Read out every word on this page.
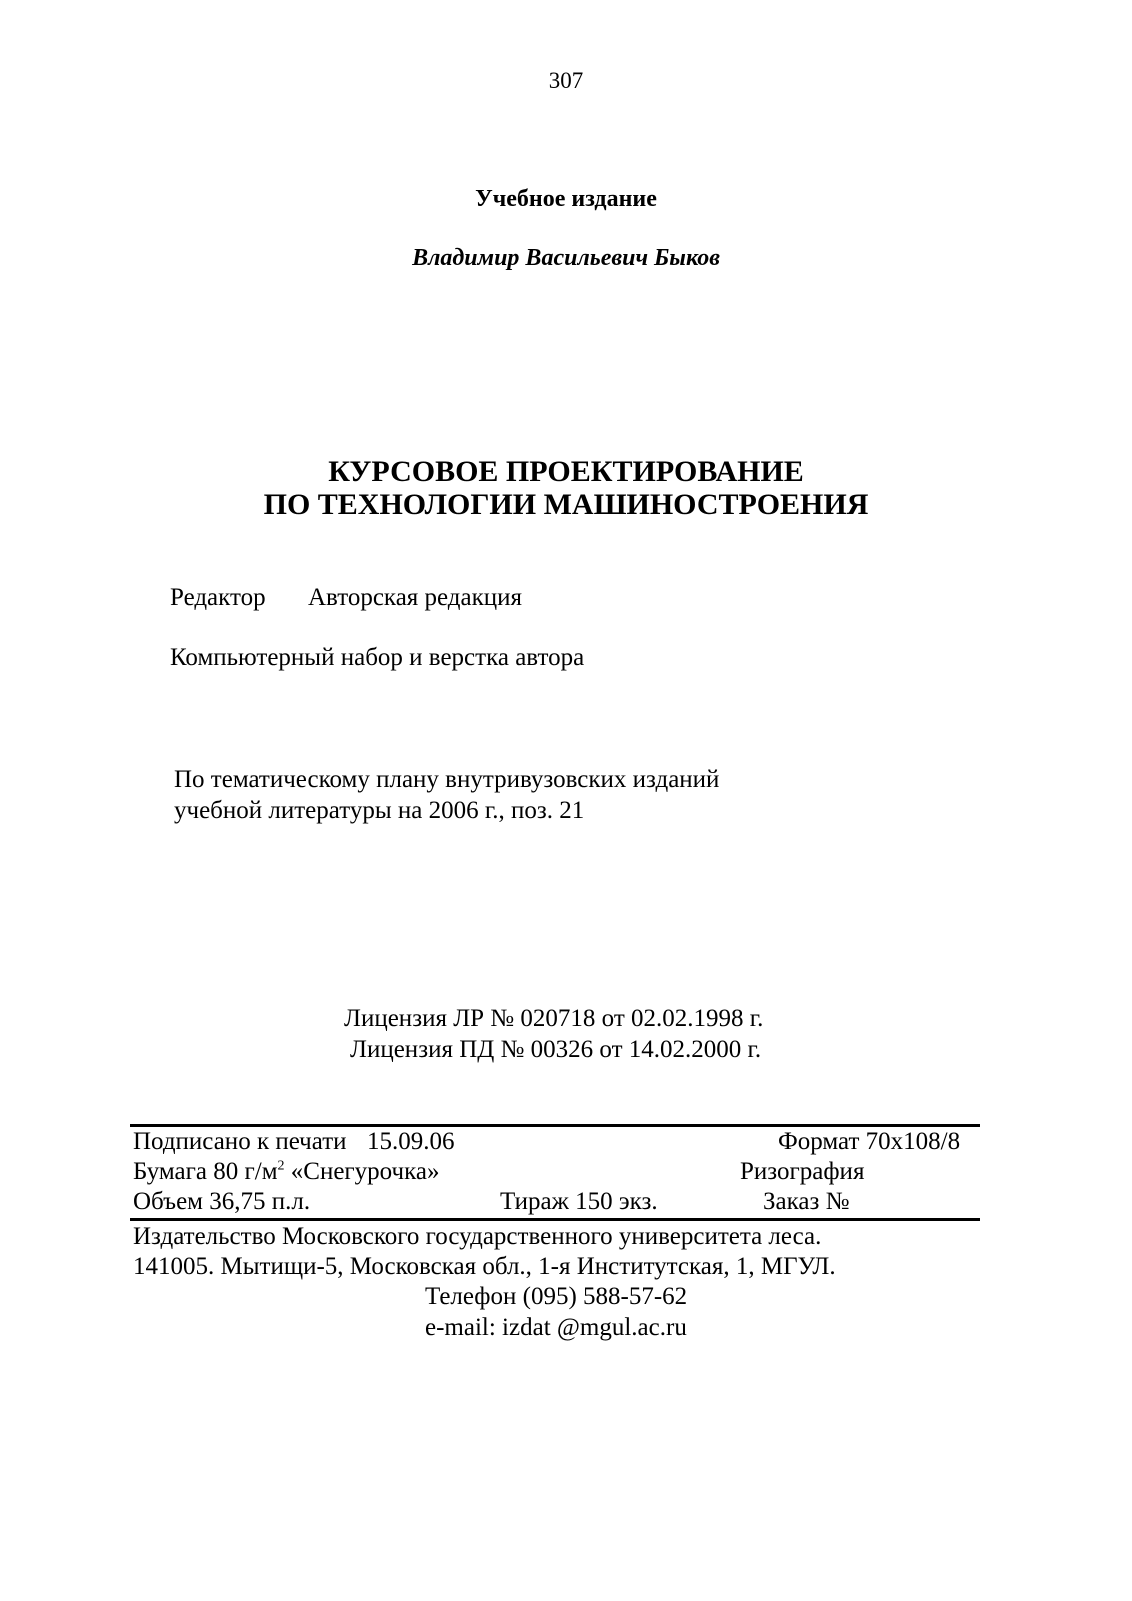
307
Учебное издание
Владимир Васильевич Быков
КУРСОВОЕ ПРОЕКТИРОВАНИЕ
ПО ТЕХНОЛОГИИ МАШИНОСТРОЕНИЯ
Редактор Авторская редакция
Компьютерный набор и верстка автора
По тематическому плану внутривузовских изданий
учебной литературы на 2006 г., поз. 21
Лицензия ЛР № 020718 от 02.02.1998 г.
Лицензия ПД № 00326 от 14.02.2000 г.
Подписано к печати 15.09.06	Формат 70х108/8
Бумага 80 $г/м^2$ «Снегурочка»	Ризография
Объем 36,75 п.л.	Тираж 150 экз.	Заказ №
Издательство Московского государственного университета леса.
141005. Мытищи-5, Московская обл., 1-я Институтская, 1, МГУЛ.
Телефон (095) 588-57-62
e-mail: izdat @mgul.ac.ru
